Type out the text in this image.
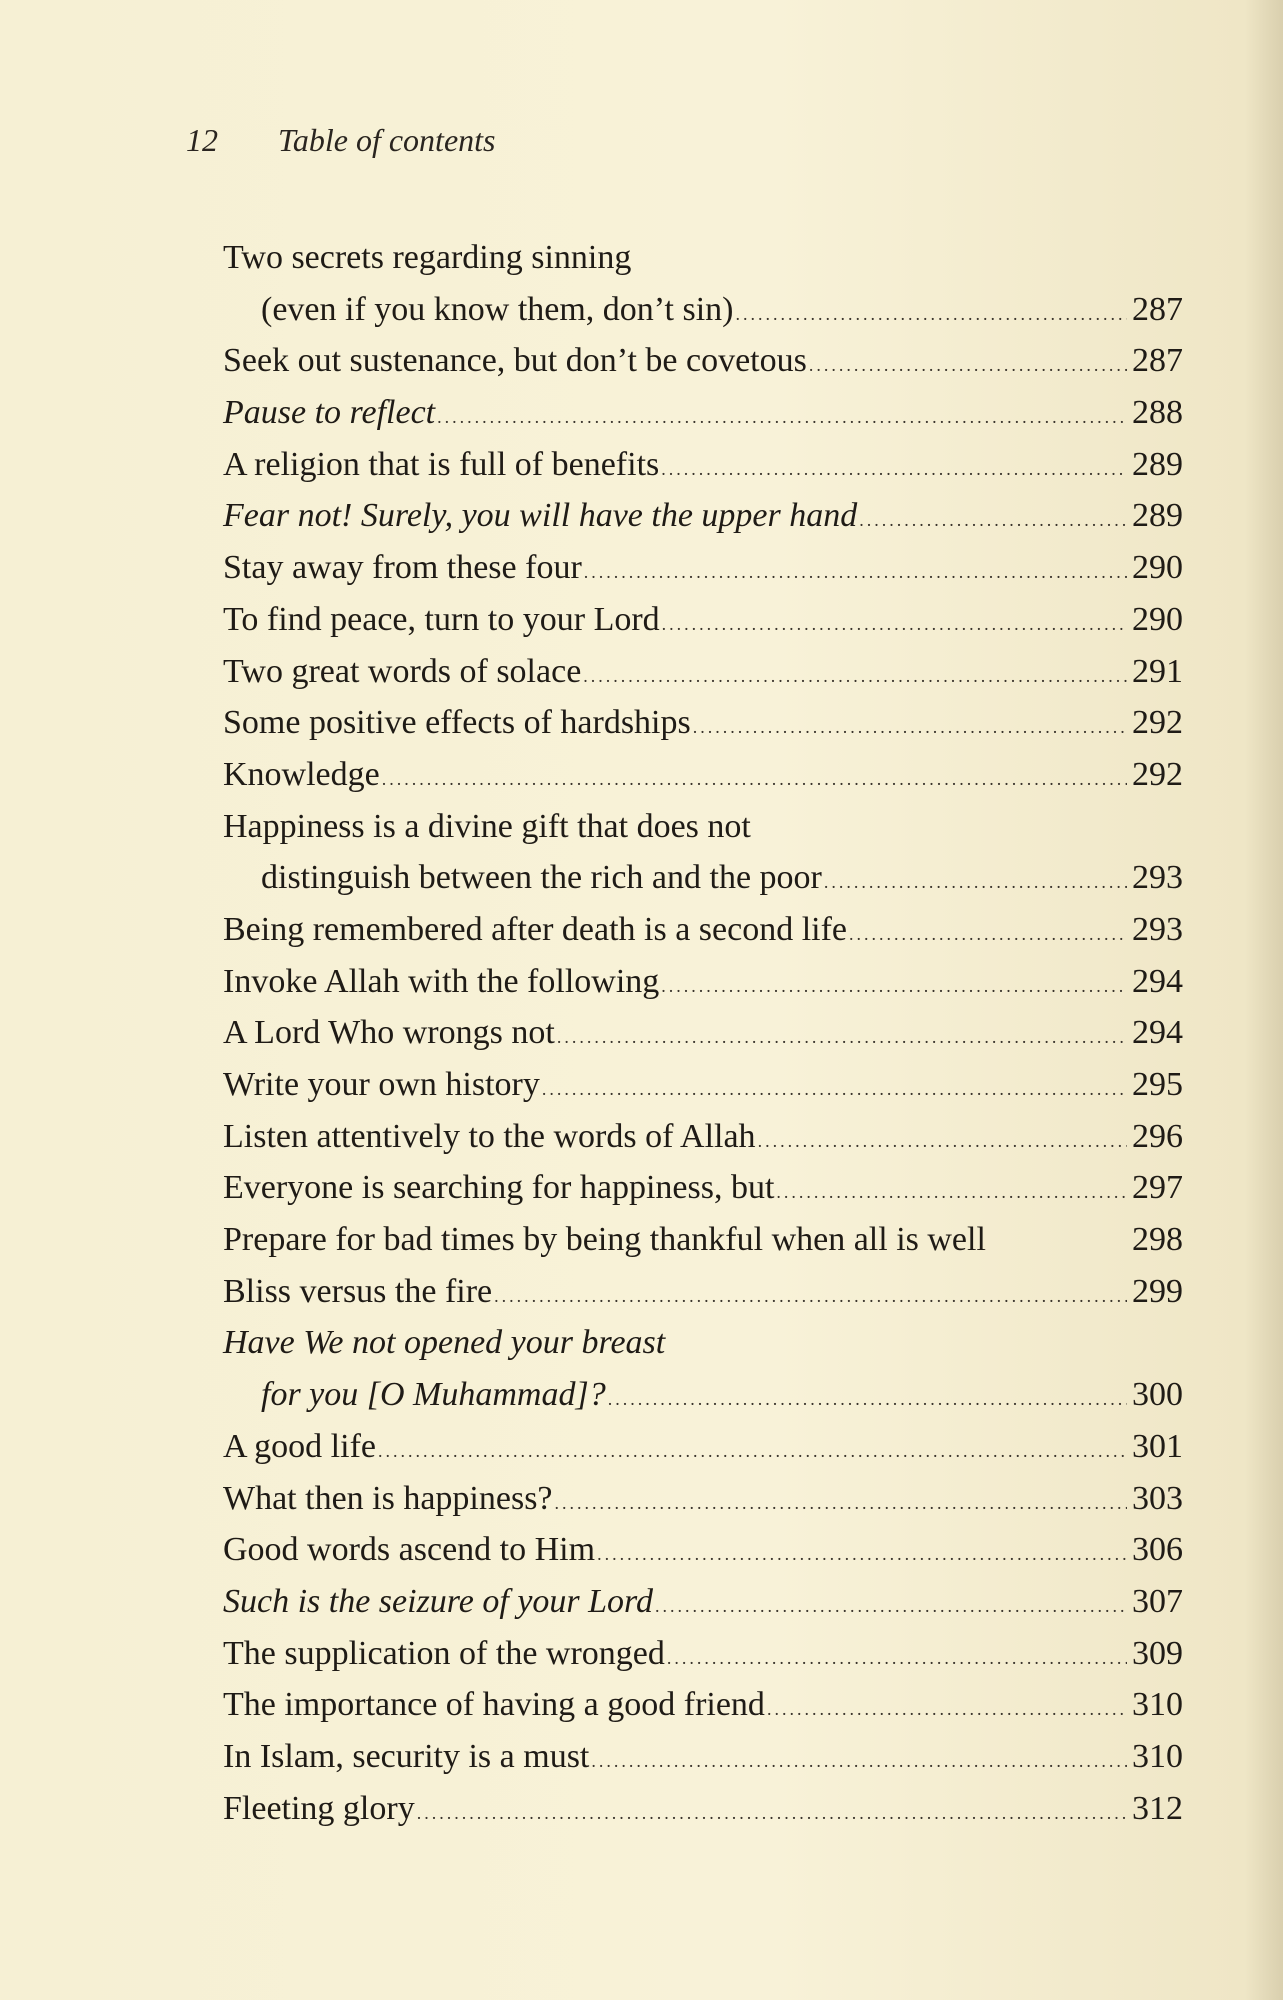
12 Table of contents
Two secrets regarding sinning
(even if you know them, don’t sin) .....	287
Seek out sustenance, but don’t be covetous .....	287
Pause to reflect .....	288
A religion that is full of benefits .....	289
Fear not! Surely, you will have the upper hand .....	289
Stay away from these four .....	290
To find peace, turn to your Lord .....	290
Two great words of solace .....	291
Some positive effects of hardships .....	292
Knowledge .....	292
Happiness is a divine gift that does not
distinguish between the rich and the poor .....	293
Being remembered after death is a second life .....	293
Invoke Allah with the following .....	294
A Lord Who wrongs not .....	294
Write your own history .....	295
Listen attentively to the words of Allah .....	296
Everyone is searching for happiness, but .....	297
Prepare for bad times by being thankful when all is well	298
Bliss versus the fire .....	299
Have We not opened your breast
for you [O Muhammad]? .....	300
A good life .....	301
What then is happiness? .....	303
Good words ascend to Him .....	306
Such is the seizure of your Lord .....	307
The supplication of the wronged .....	309
The importance of having a good friend .....	310
In Islam, security is a must .....	310
Fleeting glory .....	312
